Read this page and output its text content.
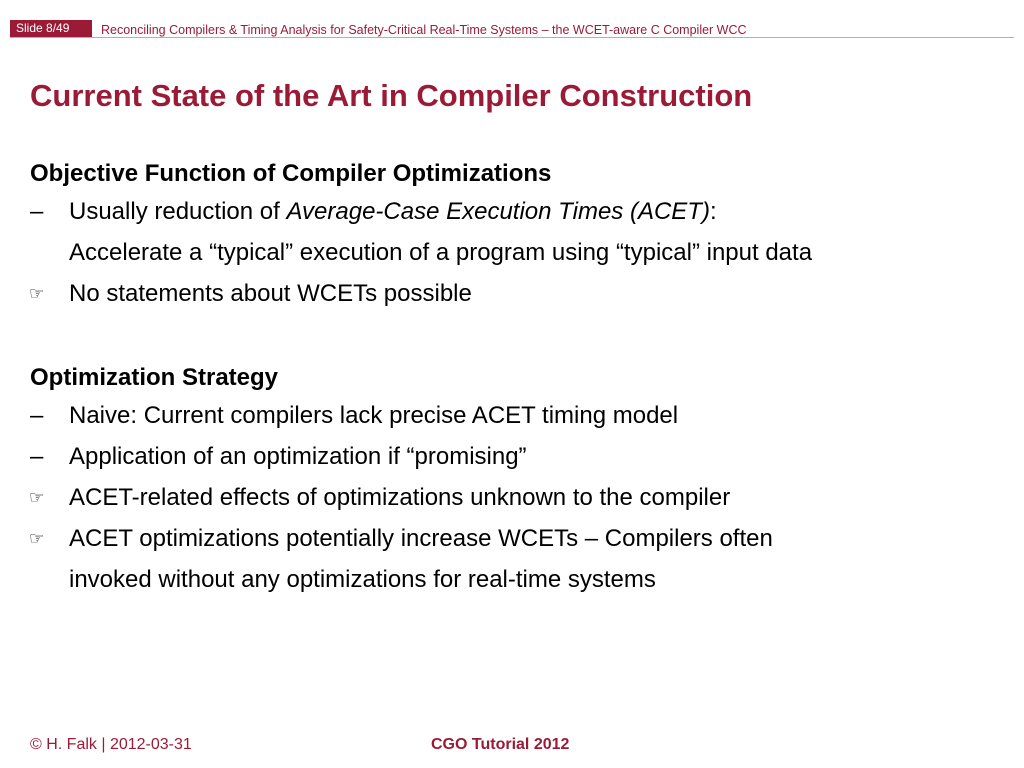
Slide 8/49	Reconciling Compilers & Timing Analysis for Safety-Critical Real-Time Systems – the WCET-aware C Compiler WCC
Current State of the Art in Compiler Construction

Objective Function of Compiler Optimizations

–	Usually reduction of Average-Case Execution Times (ACET):
Accelerate a “typical” execution of a program using “typical” input data
☞	No statements about WCETs possible

Optimization Strategy

–	Naive: Current compilers lack precise ACET timing model
–	Application of an optimization if “promising”
☞	ACET-related effects of optimizations unknown to the compiler
☞	ACET optimizations potentially increase WCETs – Compilers often
invoked without any optimizations for real-time systems
© H. Falk | 2012-03-31	CGO Tutorial 2012
